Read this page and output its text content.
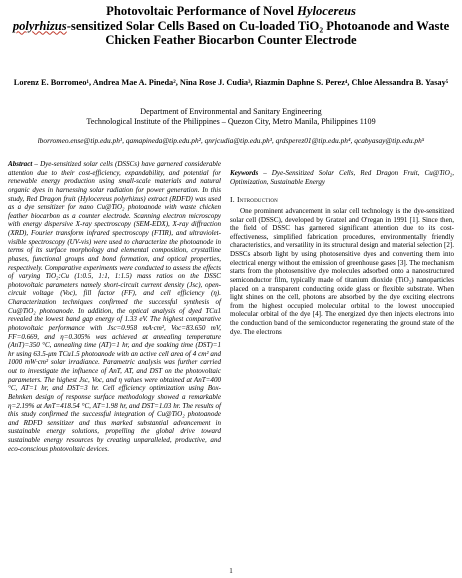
Photovoltaic Performance of Novel Hylocereus
polyrhizus-sensitized Solar Cells Based on Cu-loaded TiO₂ Photoanode and Waste Chicken Feather Biocarbon Counter Electrode
Lorenz E. Borromeo¹, Andrea Mae A. Pineda², Nina Rose J. Cudia³, Riazmin Daphne S. Perez⁴, Chloe Alessandra B. Yasay⁵
Department of Environmental and Sanitary Engineering
Technological Institute of the Philippines – Quezon City, Metro Manila, Philippines 1109
lborromeo.ense@tip.edu.ph¹, qamapineda@tip.edu.ph², qnrjcudia@tip.edu.ph³, qrdsperez01@tip.edu.ph⁴, qcabyasay@tip.edu.ph⁵

Abstract – Dye-sensitized solar cells (DSSCs) have garnered considerable attention due to their cost-efficiency, expandability, and potential for renewable energy production using small-scale materials and natural organic dyes in harnessing solar radiation for power generation. In this study, Red Dragon fruit (Hylocereus polyrhizus) extract (RDFD) was used as a dye sensitizer for nano Cu@TiO₂ photoanode with waste chicken feather biocarbon as a counter electrode. Scanning electron microscopy with energy dispersive X-ray spectroscopy (SEM-EDX), X-ray diffraction (XRD), Fourier transform infrared spectroscopy (FTIR), and ultraviolet-visible spectroscopy (UV-vis) were used to characterize the photoanode in terms of its surface morphology and elemental composition, crystalline phases, functional groups and bond formation, and optical properties, respectively. Comparative experiments were conducted to assess the effects of varying TiO₂:Cu (1:0.5, 1:1, 1:1.5) mass ratios on the DSSC photovoltaic parameters namely short-circuit current density (Jsc), open-circuit voltage (Voc), fill factor (FF), and cell efficiency (η). Characterization techniques confirmed the successful synthesis of Cu@TiO₂ photoanode. In addition, the optical analysis of dyed TCu1 revealed the lowest band gap energy of 1.33 eV. The highest comparative photovoltaic performance with Jsc=0.958 mA·cm², Voc=83.650 mV, FF=0.669, and η=0.305% was achieved at annealing temperature (AnT)=350 °C, annealing time (AT)=1 hr, and dye soaking time (DST)=1 hr using 63.5-μm TCu1.5 photoanode with an active cell area of 4 cm² and 1000 mW·cm² solar irradiance. Parametric analysis was further carried out to investigate the influence of AnT, AT, and DST on the photovoltaic parameters. The highest Jsc, Voc, and η values were obtained at AnT=400 °C, AT=1 hr, and DST=3 hr. Cell efficiency optimization using Box-Behnken design of response surface methodology showed a remarkable η=2.19% at AnT=418.54 °C, AT=1.98 hr, and DST=1.03 hr. The results of this study confirmed the successful integration of Cu@TiO₂ photoanode and RDFD sensitizer and thus marked substantial advancement in sustainable energy solutions, propelling the global drive toward sustainable energy resources by creating unparalleled, productive, and eco-conscious photovoltaic devices.

Keywords – Dye-Sensitized Solar Cells, Red Dragon Fruit, Cu@TiO₂, Optimization, Sustainable Energy

I. Introduction

One prominent advancement in solar cell technology is the dye-sensitized solar cell (DSSC), developed by Gratzel and O'regan in 1991 [1]. Since then, the field of DSSC has garnered significant attention due to its cost-effectiveness, simplified fabrication procedures, environmentally friendly characteristics, and versatility in its structural design and material selection [2]. DSSCs absorb light by using photosensitive dyes and converting them into electrical energy without the emission of greenhouse gases [3]. The mechanism starts from the photosensitive dye molecules adsorbed onto a nanostructured semiconductor film, typically made of titanium dioxide (TiO₂) nanoparticles placed on a transparent conducting oxide glass or flexible substrate. When light shines on the cell, photons are absorbed by the dye exciting electrons from the highest occupied molecular orbital to the lowest unoccupied molecular orbital of the dye [4]. The energized dye then injects electrons into the conduction band of the semiconductor regenerating the ground state of the dye. The electrons

1
